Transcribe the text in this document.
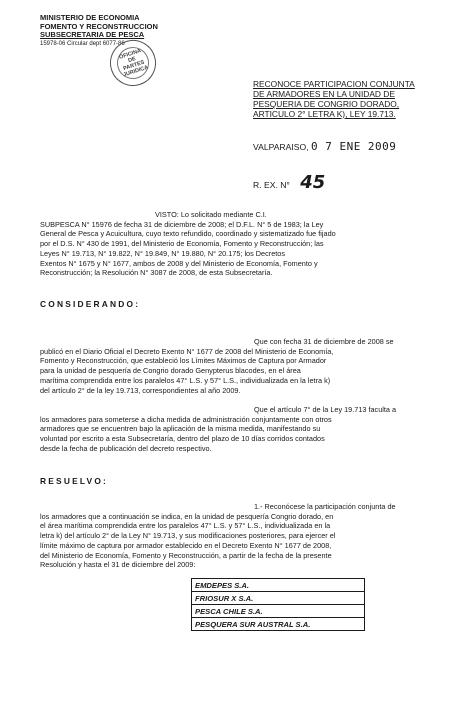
MINISTERIO DE ECONOMIA
FOMENTO Y RECONSTRUCCION
SUBSECRETARIA DE PESCA
15978-06 Circular dept 6077-86
OFICINA DE PARTES JURIDICA
RECONOCE PARTICIPACION CONJUNTA
DE ARMADORES EN LA UNIDAD DE
PESQUERIA DE CONGRIO DORADO,
ARTICULO 2° LETRA K), LEY 19.713.
VALPARAISO, 0 7 ENE 2009
R. EX. N° 45
VISTO: Lo solicitado mediante C.I.
SUBPESCA N° 15976 de fecha 31 de diciembre de 2008; el D.F.L. N° 5 de 1983; la Ley
General de Pesca y Acuicultura, cuyo texto refundido, coordinado y sistematizado fue fijado
por el D.S. N° 430 de 1991, del Ministerio de Economía, Fomento y Reconstrucción; las
Leyes N° 19.713, N° 19.822, N° 19.849, N° 19.880, N° 20.175; los Decretos
Exentos N° 1675 y N° 1677, ambos de 2008 y del Ministerio de Economía, Fomento y
Reconstrucción; la Resolución N° 3087 de 2008, de esta Subsecretaría.
CONSIDERANDO:
Que con fecha 31 de diciembre de 2008 se
publicó en el Diario Oficial el Decreto Exento N° 1677 de 2008 del Ministerio de Economía,
Fomento y Reconstrucción, que estableció los Límites Máximos de Captura por Armador
para la unidad de pesquería de Congrio dorado Genypterus blacodes, en el área
marítima comprendida entre los paralelos 47° L.S. y 57° L.S., individualizada en la letra k)
del artículo 2° de la ley 19.713, correspondientes al año 2009.
Que el artículo 7° de la Ley 19.713 faculta a
los armadores para someterse a dicha medida de administración conjuntamente con otros
armadores que se encuentren bajo la aplicación de la misma medida, manifestando su
voluntad por escrito a esta Subsecretaría, dentro del plazo de 10 días corridos contados
desde la fecha de publicación del decreto respectivo.
RESUELVO:
1.- Reconócese la participación conjunta de
los armadores que a continuación se indica, en la unidad de pesquería Congrio dorado, en
el área marítima comprendida entre los paralelos 47° L.S. y 57° L.S., individualizada en la
letra k) del artículo 2° de la Ley N° 19.713, y sus modificaciones posteriores, para ejercer el
límite máximo de captura por armador establecido en el Decreto Exento N° 1677 de 2008,
del Ministerio de Economía, Fomento y Reconstrucción, a partir de la fecha de la presente
Resolución y hasta el 31 de diciembre del 2009:
EMDEPES S.A.
FRIOSUR X S.A.
PESCA CHILE S.A.
PESQUERA SUR AUSTRAL S.A.
